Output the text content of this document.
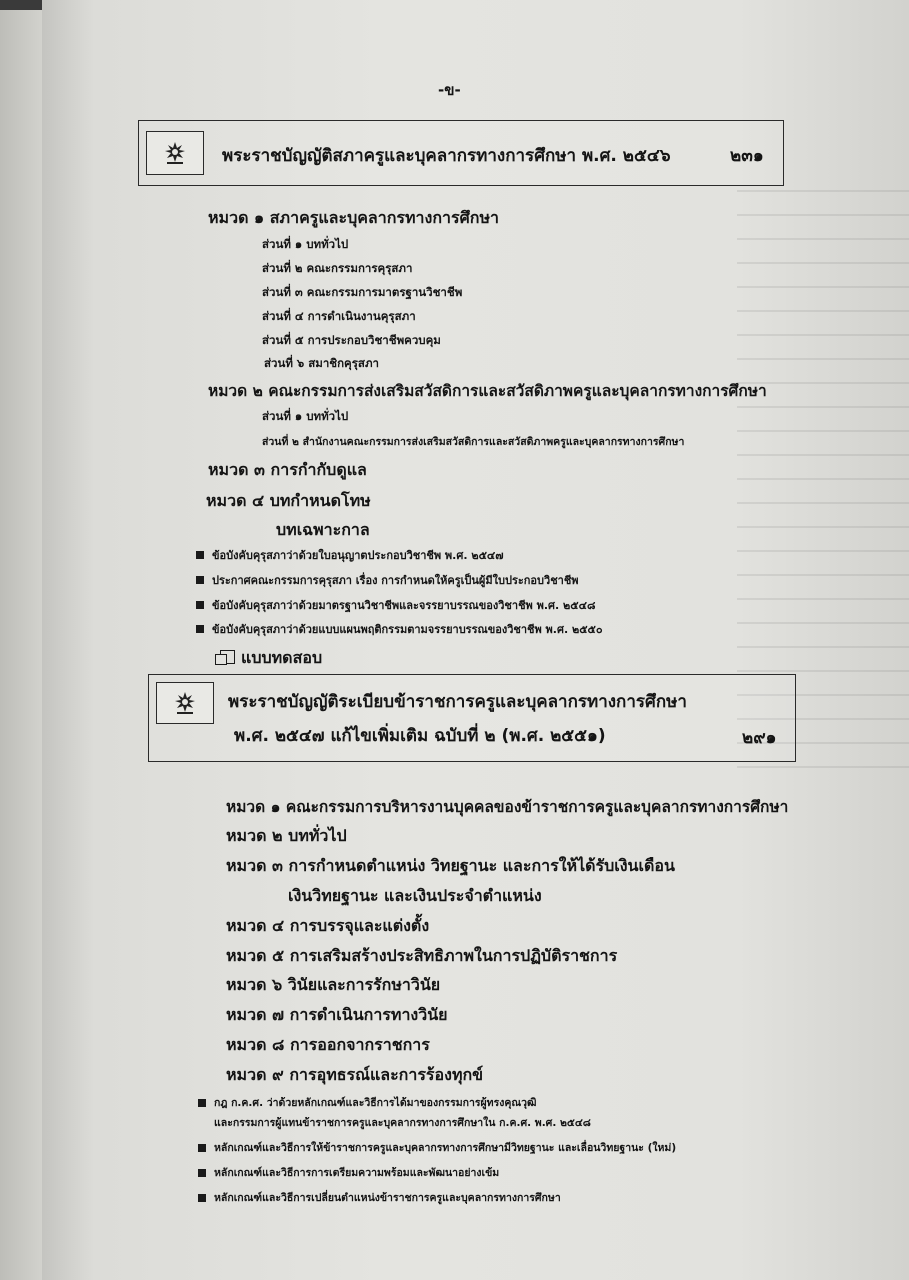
-ข-
พระราชบัญญัติสภาครูและบุคลากรทางการศึกษา พ.ศ. ๒๕๔๖	๒๓๑
หมวด ๑ สภาครูและบุคลากรทางการศึกษา
ส่วนที่ ๑ บททั่วไป
ส่วนที่ ๒ คณะกรรมการคุรุสภา
ส่วนที่ ๓ คณะกรรมการมาตรฐานวิชาชีพ
ส่วนที่ ๔ การดำเนินงานคุรุสภา
ส่วนที่ ๕ การประกอบวิชาชีพควบคุม
ส่วนที่ ๖ สมาชิกคุรุสภา
หมวด ๒ คณะกรรมการส่งเสริมสวัสดิการและสวัสดิภาพครูและบุคลากรทางการศึกษา
ส่วนที่ ๑ บททั่วไป
ส่วนที่ ๒ สำนักงานคณะกรรมการส่งเสริมสวัสดิการและสวัสดิภาพครูและบุคลากรทางการศึกษา
หมวด ๓ การกำกับดูแล
หมวด ๔ บทกำหนดโทษ
บทเฉพาะกาล
ข้อบังคับคุรุสภาว่าด้วยใบอนุญาตประกอบวิชาชีพ พ.ศ. ๒๕๔๗
ประกาศคณะกรรมการคุรุสภา เรื่อง การกำหนดให้ครูเป็นผู้มีใบประกอบวิชาชีพ
ข้อบังคับคุรุสภาว่าด้วยมาตรฐานวิชาชีพและจรรยาบรรณของวิชาชีพ พ.ศ. ๒๕๔๘
ข้อบังคับคุรุสภาว่าด้วยแบบแผนพฤติกรรมตามจรรยาบรรณของวิชาชีพ พ.ศ. ๒๕๕๐
แบบทดสอบ
พระราชบัญญัติระเบียบข้าราชการครูและบุคลากรทางการศึกษา
พ.ศ. ๒๕๔๗ แก้ไขเพิ่มเติม ฉบับที่ ๒ (พ.ศ. ๒๕๕๑)	๒๙๑
หมวด ๑ คณะกรรมการบริหารงานบุคคลของข้าราชการครูและบุคลากรทางการศึกษา
หมวด ๒ บททั่วไป
หมวด ๓ การกำหนดตำแหน่ง วิทยฐานะ และการให้ได้รับเงินเดือน
เงินวิทยฐานะ และเงินประจำตำแหน่ง
หมวด ๔ การบรรจุและแต่งตั้ง
หมวด ๕ การเสริมสร้างประสิทธิภาพในการปฏิบัติราชการ
หมวด ๖ วินัยและการรักษาวินัย
หมวด ๗ การดำเนินการทางวินัย
หมวด ๘ การออกจากราชการ
หมวด ๙ การอุทธรณ์และการร้องทุกข์
กฎ ก.ค.ศ. ว่าด้วยหลักเกณฑ์และวิธีการได้มาของกรรมการผู้ทรงคุณวุฒิ
และกรรมการผู้แทนข้าราชการครูและบุคลากรทางการศึกษาใน ก.ค.ศ. พ.ศ. ๒๕๔๘
หลักเกณฑ์และวิธีการให้ข้าราชการครูและบุคลากรทางการศึกษามีวิทยฐานะ และเลื่อนวิทยฐานะ (ใหม่)
หลักเกณฑ์และวิธีการการเตรียมความพร้อมและพัฒนาอย่างเข้ม
หลักเกณฑ์และวิธีการเปลี่ยนตำแหน่งข้าราชการครูและบุคลากรทางการศึกษา
